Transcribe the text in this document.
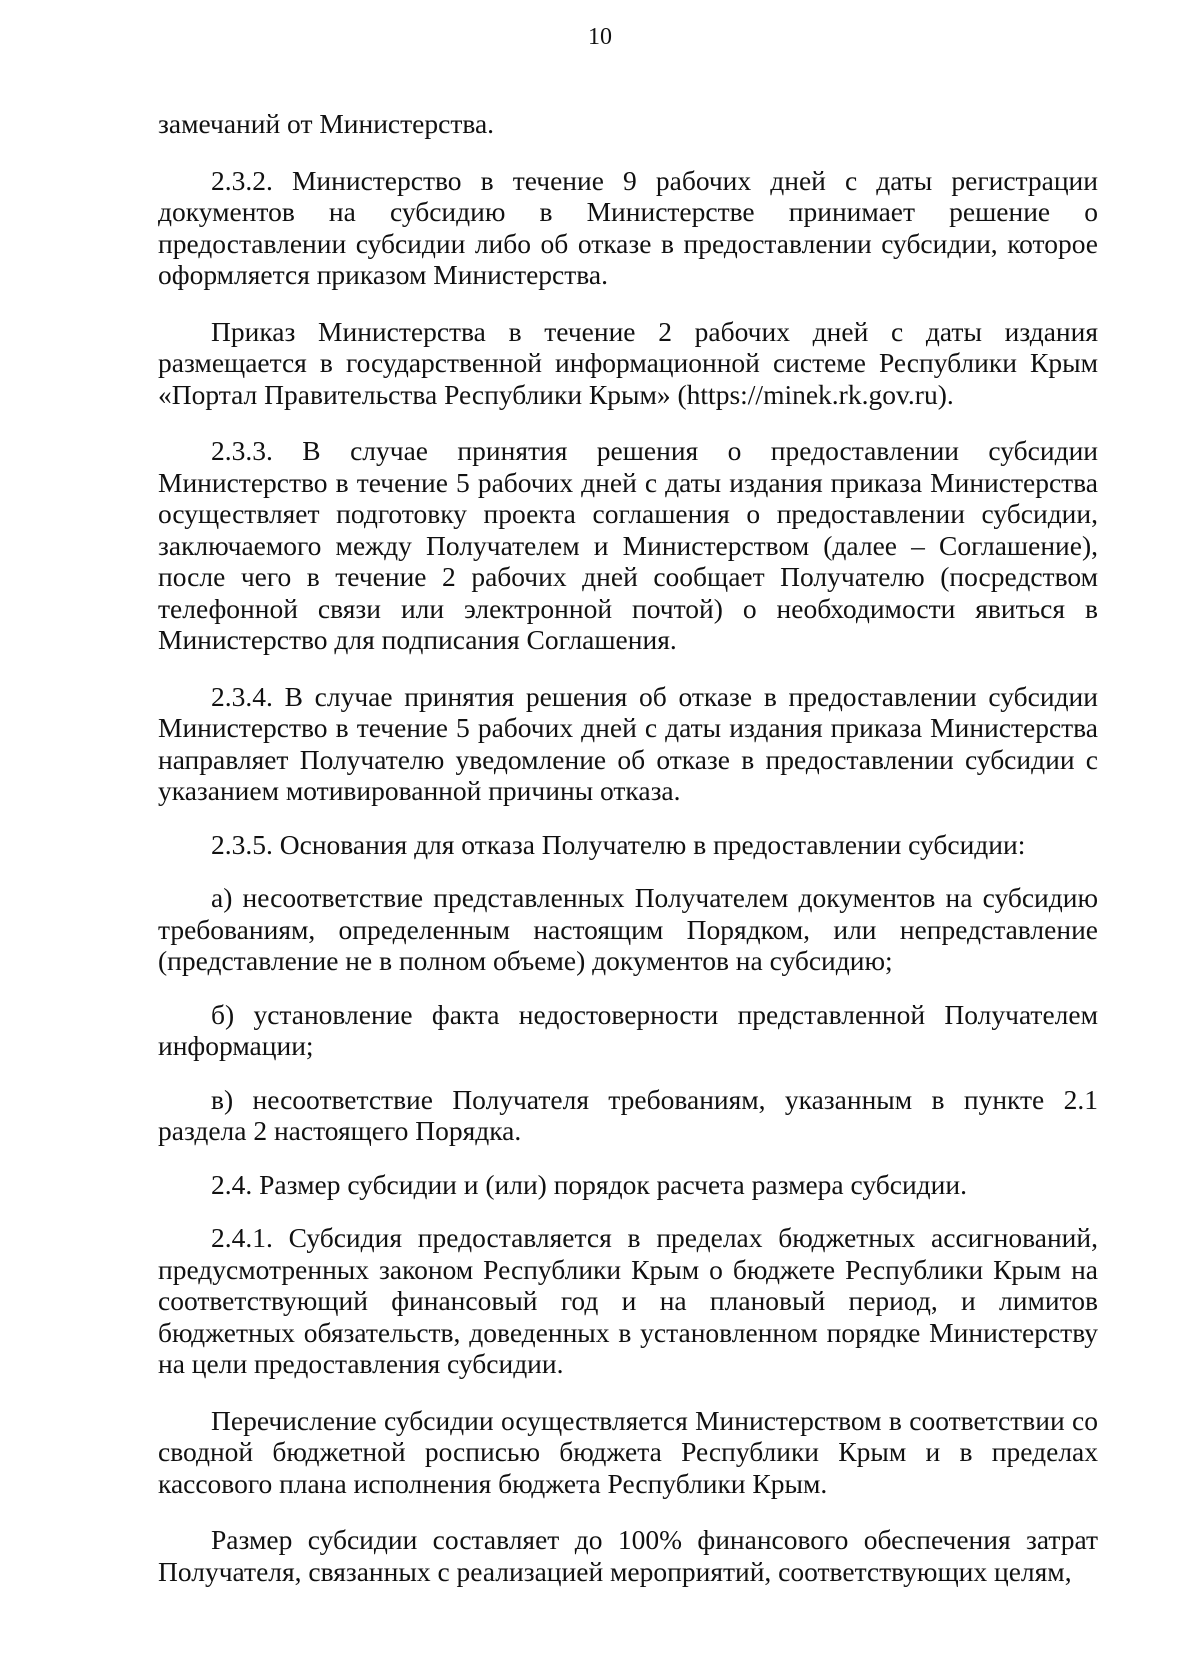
10

замечаний от Министерства.

2.3.2. Министерство в течение 9 рабочих дней с даты регистрации документов на субсидию в Министерстве принимает решение о предоставлении субсидии либо об отказе в предоставлении субсидии, которое оформляется приказом Министерства.

Приказ Министерства в течение 2 рабочих дней с даты издания размещается в государственной информационной системе Республики Крым «Портал Правительства Республики Крым» (https://minek.rk.gov.ru).

2.3.3. В случае принятия решения о предоставлении субсидии Министерство в течение 5 рабочих дней с даты издания приказа Министерства осуществляет подготовку проекта соглашения о предоставлении субсидии, заключаемого между Получателем и Министерством (далее – Соглашение), после чего в течение 2 рабочих дней сообщает Получателю (посредством телефонной связи или электронной почтой) о необходимости явиться в Министерство для подписания Соглашения.

2.3.4. В случае принятия решения об отказе в предоставлении субсидии Министерство в течение 5 рабочих дней с даты издания приказа Министерства направляет Получателю уведомление об отказе в предоставлении субсидии с указанием мотивированной причины отказа.

2.3.5. Основания для отказа Получателю в предоставлении субсидии:

а) несоответствие представленных Получателем документов на субсидию требованиям, определенным настоящим Порядком, или непредставление (представление не в полном объеме) документов на субсидию;

б) установление факта недостоверности представленной Получателем информации;

в) несоответствие Получателя требованиям, указанным в пункте 2.1 раздела 2 настоящего Порядка.

2.4. Размер субсидии и (или) порядок расчета размера субсидии.

2.4.1. Субсидия предоставляется в пределах бюджетных ассигнований, предусмотренных законом Республики Крым о бюджете Республики Крым на соответствующий финансовый год и на плановый период, и лимитов бюджетных обязательств, доведенных в установленном порядке Министерству на цели предоставления субсидии.

Перечисление субсидии осуществляется Министерством в соответствии со сводной бюджетной росписью бюджета Республики Крым и в пределах кассового плана исполнения бюджета Республики Крым.

Размер субсидии составляет до 100% финансового обеспечения затрат Получателя, связанных с реализацией мероприятий, соответствующих целям,
